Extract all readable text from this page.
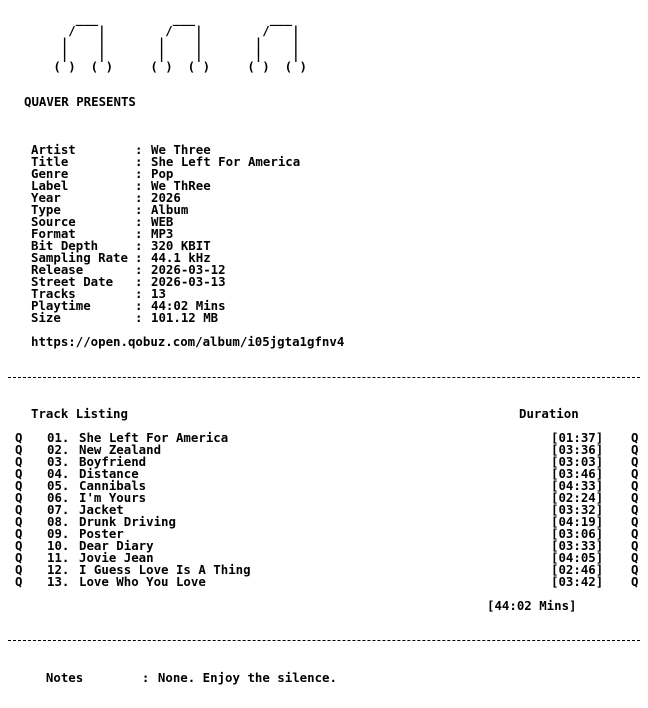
___          ___          ___
/   |        /   |        /   |
|    |       |    |       |    |
|    |       |    |       |    |
( )  ( )     ( )  ( )     ( )  ( )
QUAVER PRESENTS
Artist	: We Three
Title	: She Left For America
Genre	: Pop
Label	: We ThRee
Year	: 2026
Type	: Album
Source	: WEB
Format	: MP3
Bit Depth	: 320 KBIT
Sampling Rate : 44.1 kHz
Release	: 2026-03-12
Street Date : 2026-03-13
Tracks	: 13
Playtime	: 44:02 Mins
Size	: 101.12 MB
https://open.qobuz.com/album/i05jgta1gfnv4
Track Listing	Duration
Q 01. She Left For America	[01:37] Q
Q 02. New Zealand	[03:36] Q
Q 03. Boyfriend	[03:03] Q
Q 04. Distance	[03:46] Q
Q 05. Cannibals	[04:33] Q
Q 06. I'm Yours	[02:24] Q
Q 07. Jacket	[03:32] Q
Q 08. Drunk Driving	[04:19] Q
Q 09. Poster	[03:06] Q
Q 10. Dear Diary	[03:33] Q
Q 11. Jovie Jean	[04:05] Q
Q 12. I Guess Love Is A Thing	[02:46] Q
Q 13. Love Who You Love	[03:42] Q
[44:02 Mins]

Notes	: None. Enjoy the silence.
